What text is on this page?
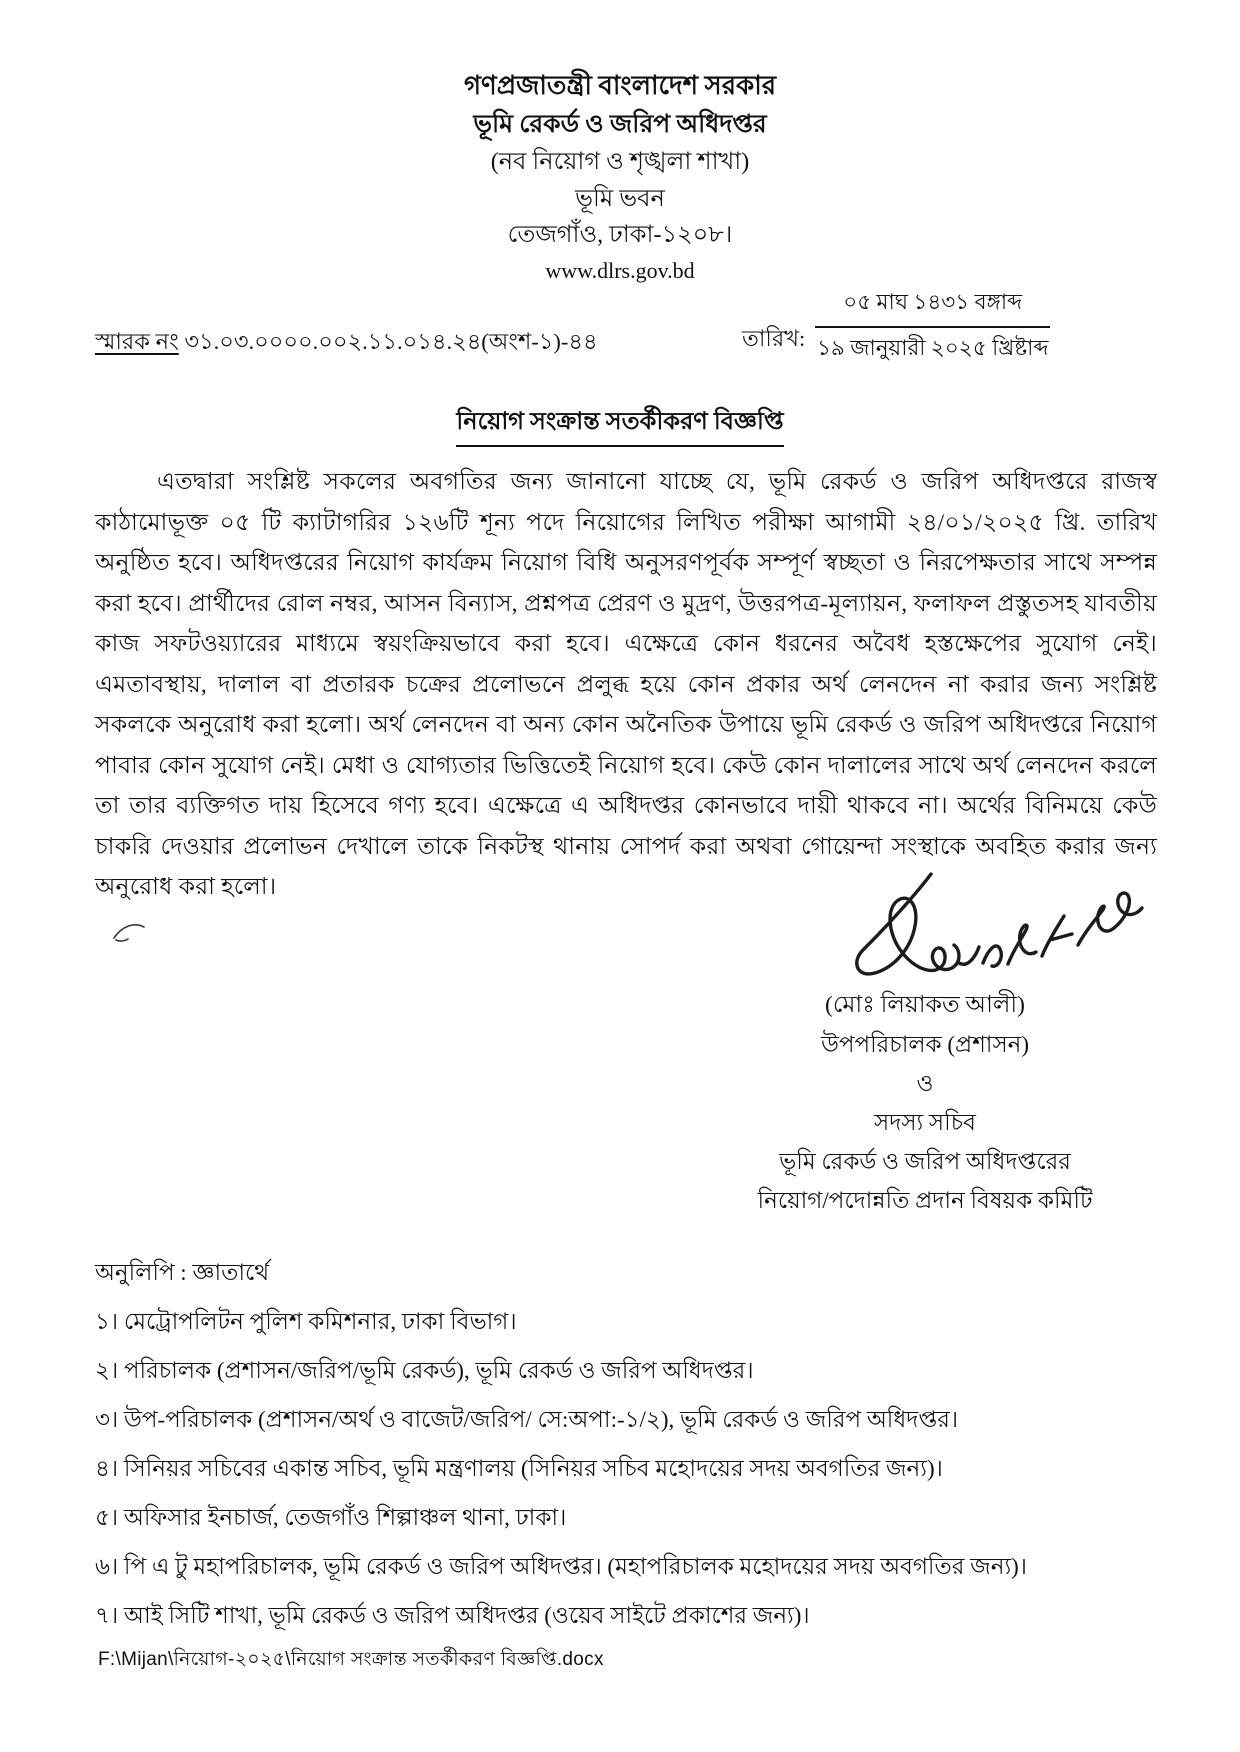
গণপ্রজাতন্ত্রী বাংলাদেশ সরকার
ভূমি রেকর্ড ও জরিপ অধিদপ্তর
(নব নিয়োগ ও শৃঙ্খলা শাখা)
ভূমি ভবন
তেজগাঁও, ঢাকা-১২০৮।
www.dlrs.gov.bd
স্মারক নং ৩১.০৩.০০০০.০০২.১১.০১৪.২৪(অংশ-১)-৪৪	তারিখ: $\frac{\text{০৫ মাঘ ১৪৩১ বঙ্গাব্দ}}{\text{১৯ জানুয়ারী ২০২৫ খ্রিষ্টাব্দ}}$
নিয়োগ সংক্রান্ত সতর্কীকরণ বিজ্ঞপ্তি
এতদ্বারা সংশ্লিষ্ট সকলের অবগতির জন্য জানানো যাচ্ছে যে, ভূমি রেকর্ড ও জরিপ অধিদপ্তরে রাজস্ব কাঠামোভূক্ত ০৫ টি ক্যাটাগরির ১২৬টি শূন্য পদে নিয়োগের লিখিত পরীক্ষা আগামী ২৪/০১/২০২৫ খ্রি. তারিখ অনুষ্ঠিত হবে। অধিদপ্তরের নিয়োগ কার্যক্রম নিয়োগ বিধি অনুসরণপূর্বক সম্পূর্ণ স্বচ্ছতা ও নিরপেক্ষতার সাথে সম্পন্ন করা হবে। প্রার্থীদের রোল নম্বর, আসন বিন্যাস, প্রশ্নপত্র প্রেরণ ও মুদ্রণ, উত্তরপত্র-মূল্যায়ন, ফলাফল প্রস্তুতসহ যাবতীয় কাজ সফটওয়্যারের মাধ্যমে স্বয়ংক্রিয়ভাবে করা হবে। এক্ষেত্রে কোন ধরনের অবৈধ হস্তক্ষেপের সুযোগ নেই। এমতাবস্থায়, দালাল বা প্রতারক চক্রের প্রলোভনে প্রলুব্ধ হয়ে কোন প্রকার অর্থ লেনদেন না করার জন্য সংশ্লিষ্ট সকলকে অনুরোধ করা হলো। অর্থ লেনদেন বা অন্য কোন অনৈতিক উপায়ে ভূমি রেকর্ড ও জরিপ অধিদপ্তরে নিয়োগ পাবার কোন সুযোগ নেই। মেধা ও যোগ্যতার ভিত্তিতেই নিয়োগ হবে। কেউ কোন দালালের সাথে অর্থ লেনদেন করলে তা তার ব্যক্তিগত দায় হিসেবে গণ্য হবে। এক্ষেত্রে এ অধিদপ্তর কোনভাবে দায়ী থাকবে না। অর্থের বিনিময়ে কেউ চাকরি দেওয়ার প্রলোভন দেখালে তাকে নিকটস্থ থানায় সোপর্দ করা অথবা গোয়েন্দা সংস্থাকে অবহিত করার জন্য অনুরোধ করা হলো।
(মোঃ লিয়াকত আলী)
উপপরিচালক (প্রশাসন)
ও
সদস্য সচিব
ভূমি রেকর্ড ও জরিপ অধিদপ্তরের
নিয়োগ/পদোন্নতি প্রদান বিষয়ক কমিটি
অনুলিপি : জ্ঞাতার্থে
১। মেট্রোপলিটন পুলিশ কমিশনার, ঢাকা বিভাগ।
২। পরিচালক (প্রশাসন/জরিপ/ভূমি রেকর্ড), ভূমি রেকর্ড ও জরিপ অধিদপ্তর।
৩। উপ-পরিচালক (প্রশাসন/অর্থ ও বাজেট/জরিপ/ সে:অপা:-১/২), ভূমি রেকর্ড ও জরিপ অধিদপ্তর।
৪। সিনিয়র সচিবের একান্ত সচিব, ভূমি মন্ত্রণালয় (সিনিয়র সচিব মহোদয়ের সদয় অবগতির জন্য)।
৫। অফিসার ইনচার্জ, তেজগাঁও শিল্পাঞ্চল থানা, ঢাকা।
৬। পি এ টু মহাপরিচালক, ভূমি রেকর্ড ও জরিপ অধিদপ্তর। (মহাপরিচালক মহোদয়ের সদয় অবগতির জন্য)।
৭। আই সিটি শাখা, ভূমি রেকর্ড ও জরিপ অধিদপ্তর (ওয়েব সাইটে প্রকাশের জন্য)।
F:\Mijan\নিয়োগ-২০২৫\নিয়োগ সংক্রান্ত সতর্কীকরণ বিজ্ঞপ্তি.docx
